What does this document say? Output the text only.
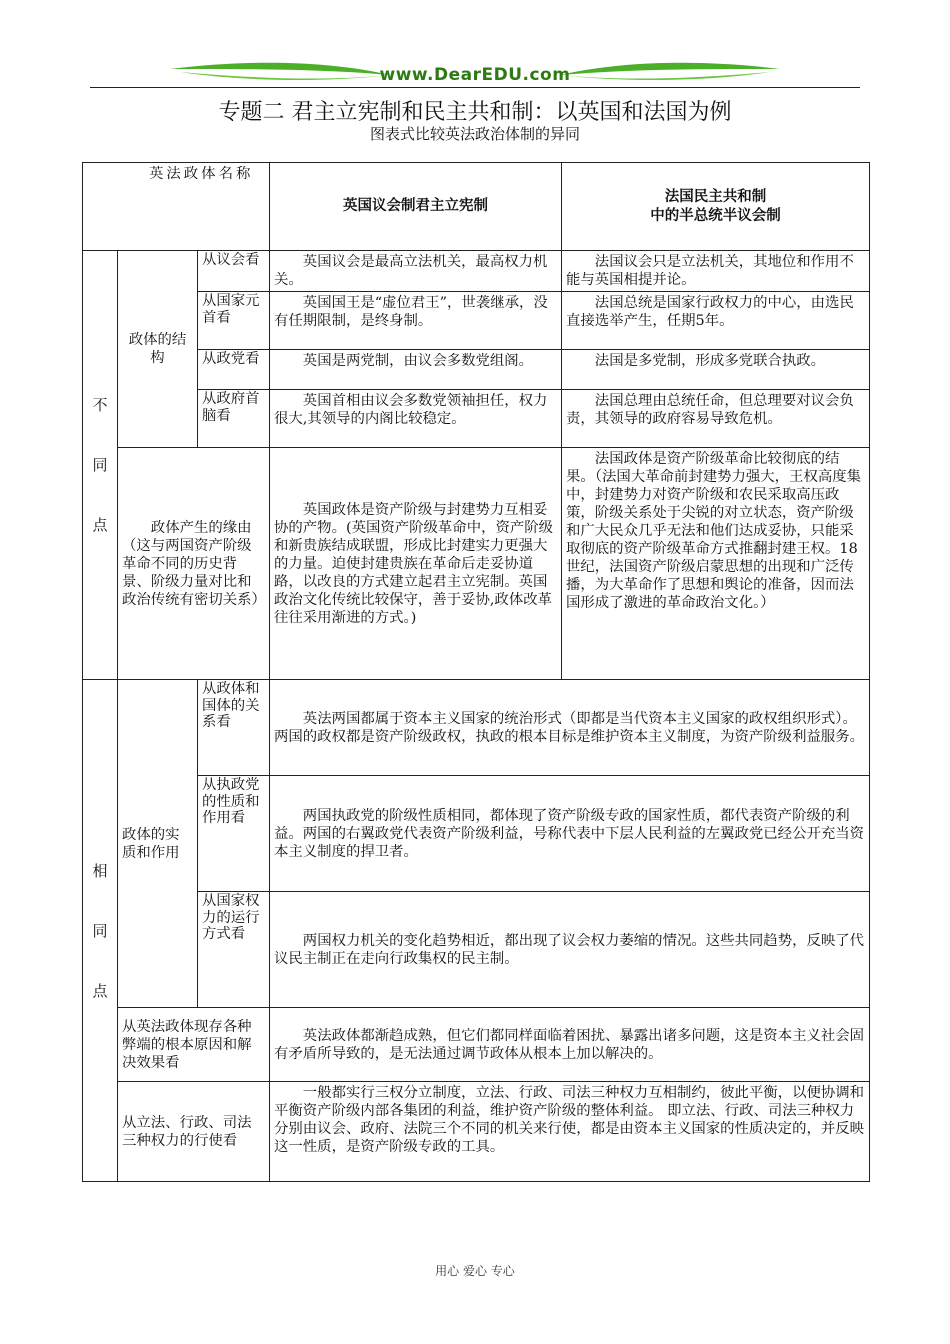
www.DearEDU.com
专题二 君主立宪制和民主共和制：以英国和法国为例
图表式比较英法政治体制的异同
英法政体名称			英国议会制君主立宪制	法国民主共和制
中的半总统半议会制

不同点	政体的结构	从议会看	英国议会是最高立法机关，最高权力机关。	法国议会只是立法机关，其地位和作用不能与英国相提并论。
		从国家元首看	英国国王是“虚位君王”，世袭继承，没有任期限制，是终身制。	法国总统是国家行政权力的中心，由选民直接选举产生，任期5年。
		从政党看	英国是两党制，由议会多数党组阁。	法国是多党制，形成多党联合执政。
		从政府首脑看	英国首相由议会多数党领袖担任，权力很大,其领导的内阁比较稳定。	法国总理由总统任命，但总理要对议会负责，其领导的政府容易导致危机。
	政体产生的缘由（这与两国资产阶级革命不同的历史背景、阶级力量对比和政治传统有密切关系）		英国政体是资产阶级与封建势力互相妥协的产物。(英国资产阶级革命中，资产阶级和新贵族结成联盟，形成比封建实力更强大的力量。迫使封建贵族在革命后走妥协道路，以改良的方式建立起君主立宪制。英国政治文化传统比较保守，善于妥协,政体改革往往采用渐进的方式。)	法国政体是资产阶级革命比较彻底的结果。（法国大革命前封建势力强大，王权高度集中，封建势力对资产阶级和农民采取高压政策，阶级关系处于尖锐的对立状态，资产阶级和广大民众几乎无法和他们达成妥协，只能采取彻底的资产阶级革命方式推翻封建王权。18世纪，法国资产阶级启蒙思想的出现和广泛传播，为大革命作了思想和舆论的准备，因而法国形成了激进的革命政治文化。）

相同点	政体的实质和作用	从政体和国体的关系看	英法两国都属于资本主义国家的统治形式（即都是当代资本主义国家的政权组织形式）。两国的政权都是资产阶级政权，执政的根本目标是维护资本主义制度，为资产阶级利益服务。	
		从执政党的性质和作用看	两国执政党的阶级性质相同，都体现了资产阶级专政的国家性质，都代表资产阶级的利益。两国的右翼政党代表资产阶级利益，号称代表中下层人民利益的左翼政党已经公开充当资本主义制度的捍卫者。	
		从国家权力的运行方式看	两国权力机关的变化趋势相近，都出现了议会权力萎缩的情况。这些共同趋势，反映了代议民主制正在走向行政集权的民主制。	
	从英法政体现存各种弊端的根本原因和解决效果看		英法政体都渐趋成熟，但它们都同样面临着困扰、暴露出诸多问题，这是资本主义社会固有矛盾所导致的，是无法通过调节政体从根本上加以解决的。	
	从立法、行政、司法三种权力的行使看		一般都实行三权分立制度，立法、行政、司法三种权力互相制约，彼此平衡，以便协调和平衡资产阶级内部各集团的利益，维护资产阶级的整体利益。 即立法、行政、司法三种权力分别由议会、政府、法院三个不同的机关来行使，都是由资本主义国家的性质决定的，并反映这一性质，是资产阶级专政的工具。	
用心 爱心 专心
